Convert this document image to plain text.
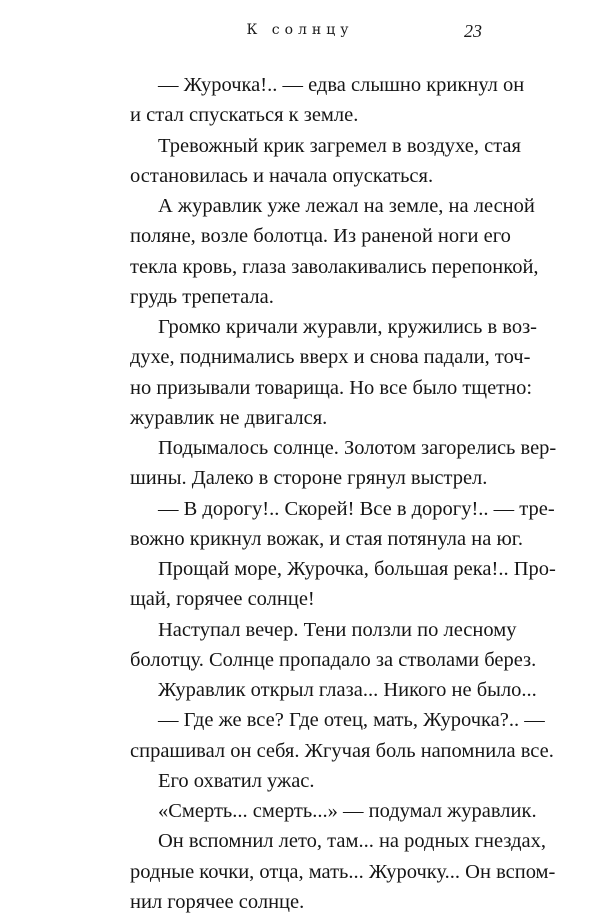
К солнцу	23
— Журочка!.. — едва слышно крикнул он
и стал спускаться к земле.
Тревожный крик загремел в воздухе, стая
остановилась и начала опускаться.
А журавлик уже лежал на земле, на лесной
поляне, возле болотца. Из раненой ноги его
текла кровь, глаза заволакивались перепонкой,
грудь трепетала.
Громко кричали журавли, кружились в воз-
духе, поднимались вверх и снова падали, точ-
но призывали товарища. Но все было тщетно:
журавлик не двигался.
Подымалось солнце. Золотом загорелись вер-
шины. Далеко в стороне грянул выстрел.
— В дорогу!.. Скорей! Все в дорогу!.. — тре-
вожно крикнул вожак, и стая потянула на юг.
Прощай море, Журочка, большая река!.. Про-
щай, горячее солнце!
Наступал вечер. Тени ползли по лесному
болотцу. Солнце пропадало за стволами берез.
Журавлик открыл глаза... Никого не было...
— Где же все? Где отец, мать, Журочка?.. —
спрашивал он себя. Жгучая боль напомнила все.
Его охватил ужас.
«Смерть... смерть...» — подумал журавлик.
Он вспомнил лето, там... на родных гнездах,
родные кочки, отца, мать... Журочку... Он вспом-
нил горячее солнце.
